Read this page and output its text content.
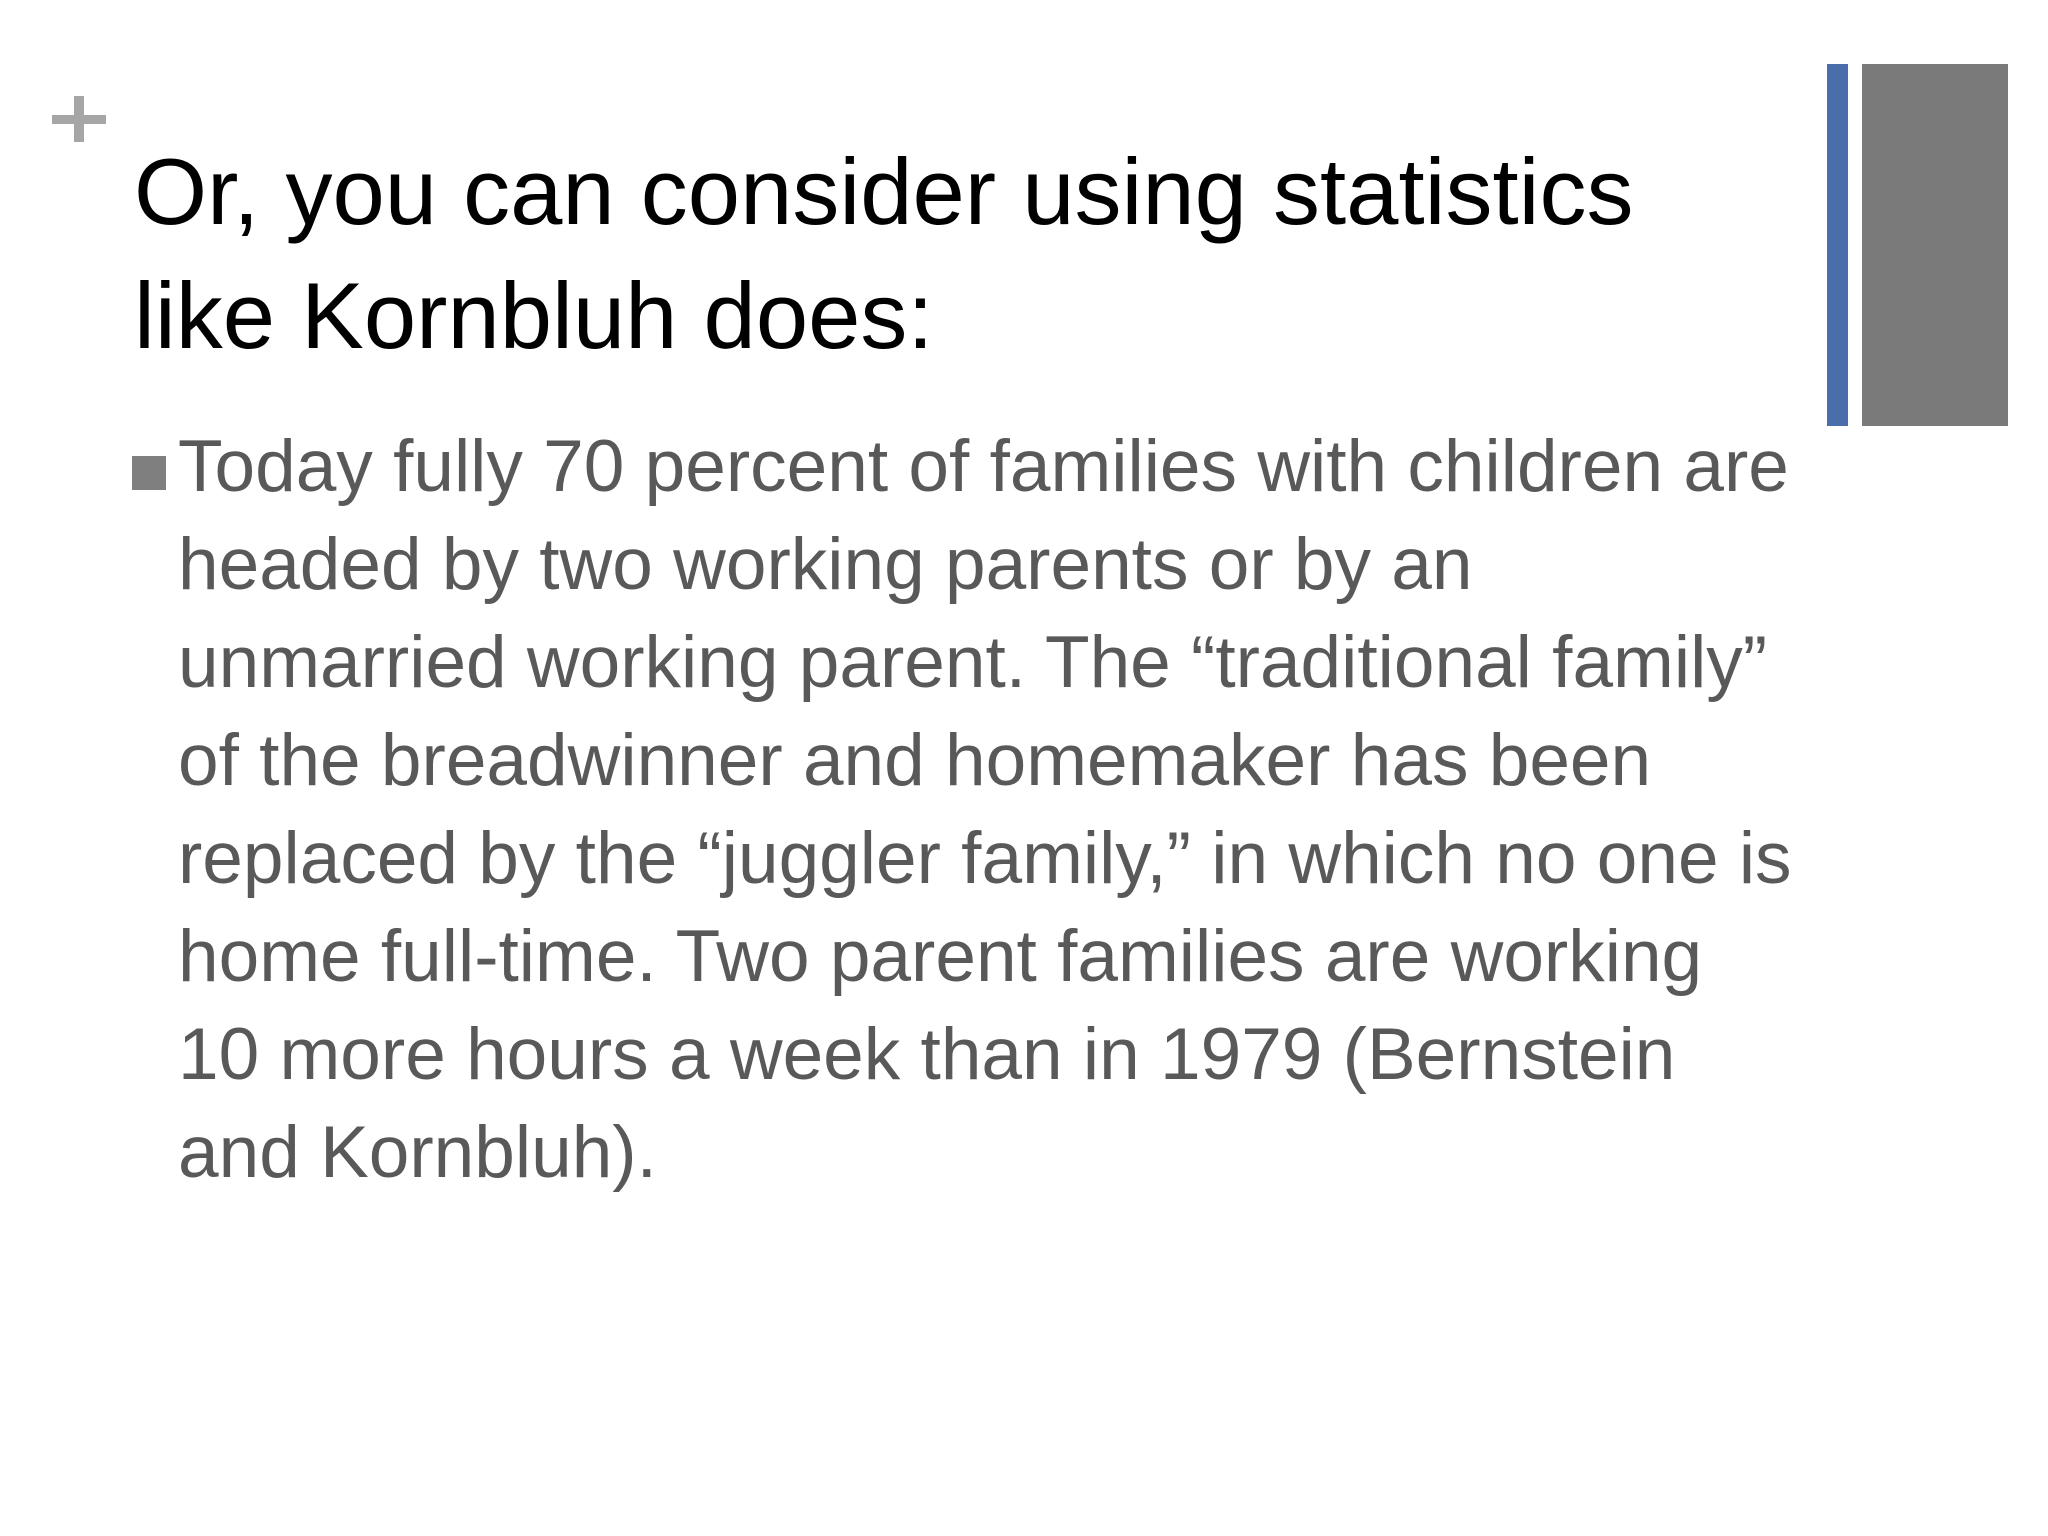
Or, you can consider using statistics
like Kornbluh does:

Today fully 70 percent of families with children are
headed by two working parents or by an
unmarried working parent. The “traditional family”
of the breadwinner and homemaker has been
replaced by the “juggler family,” in which no one is
home full-time. Two parent families are working
10 more hours a week than in 1979 (Bernstein
and Kornbluh).
